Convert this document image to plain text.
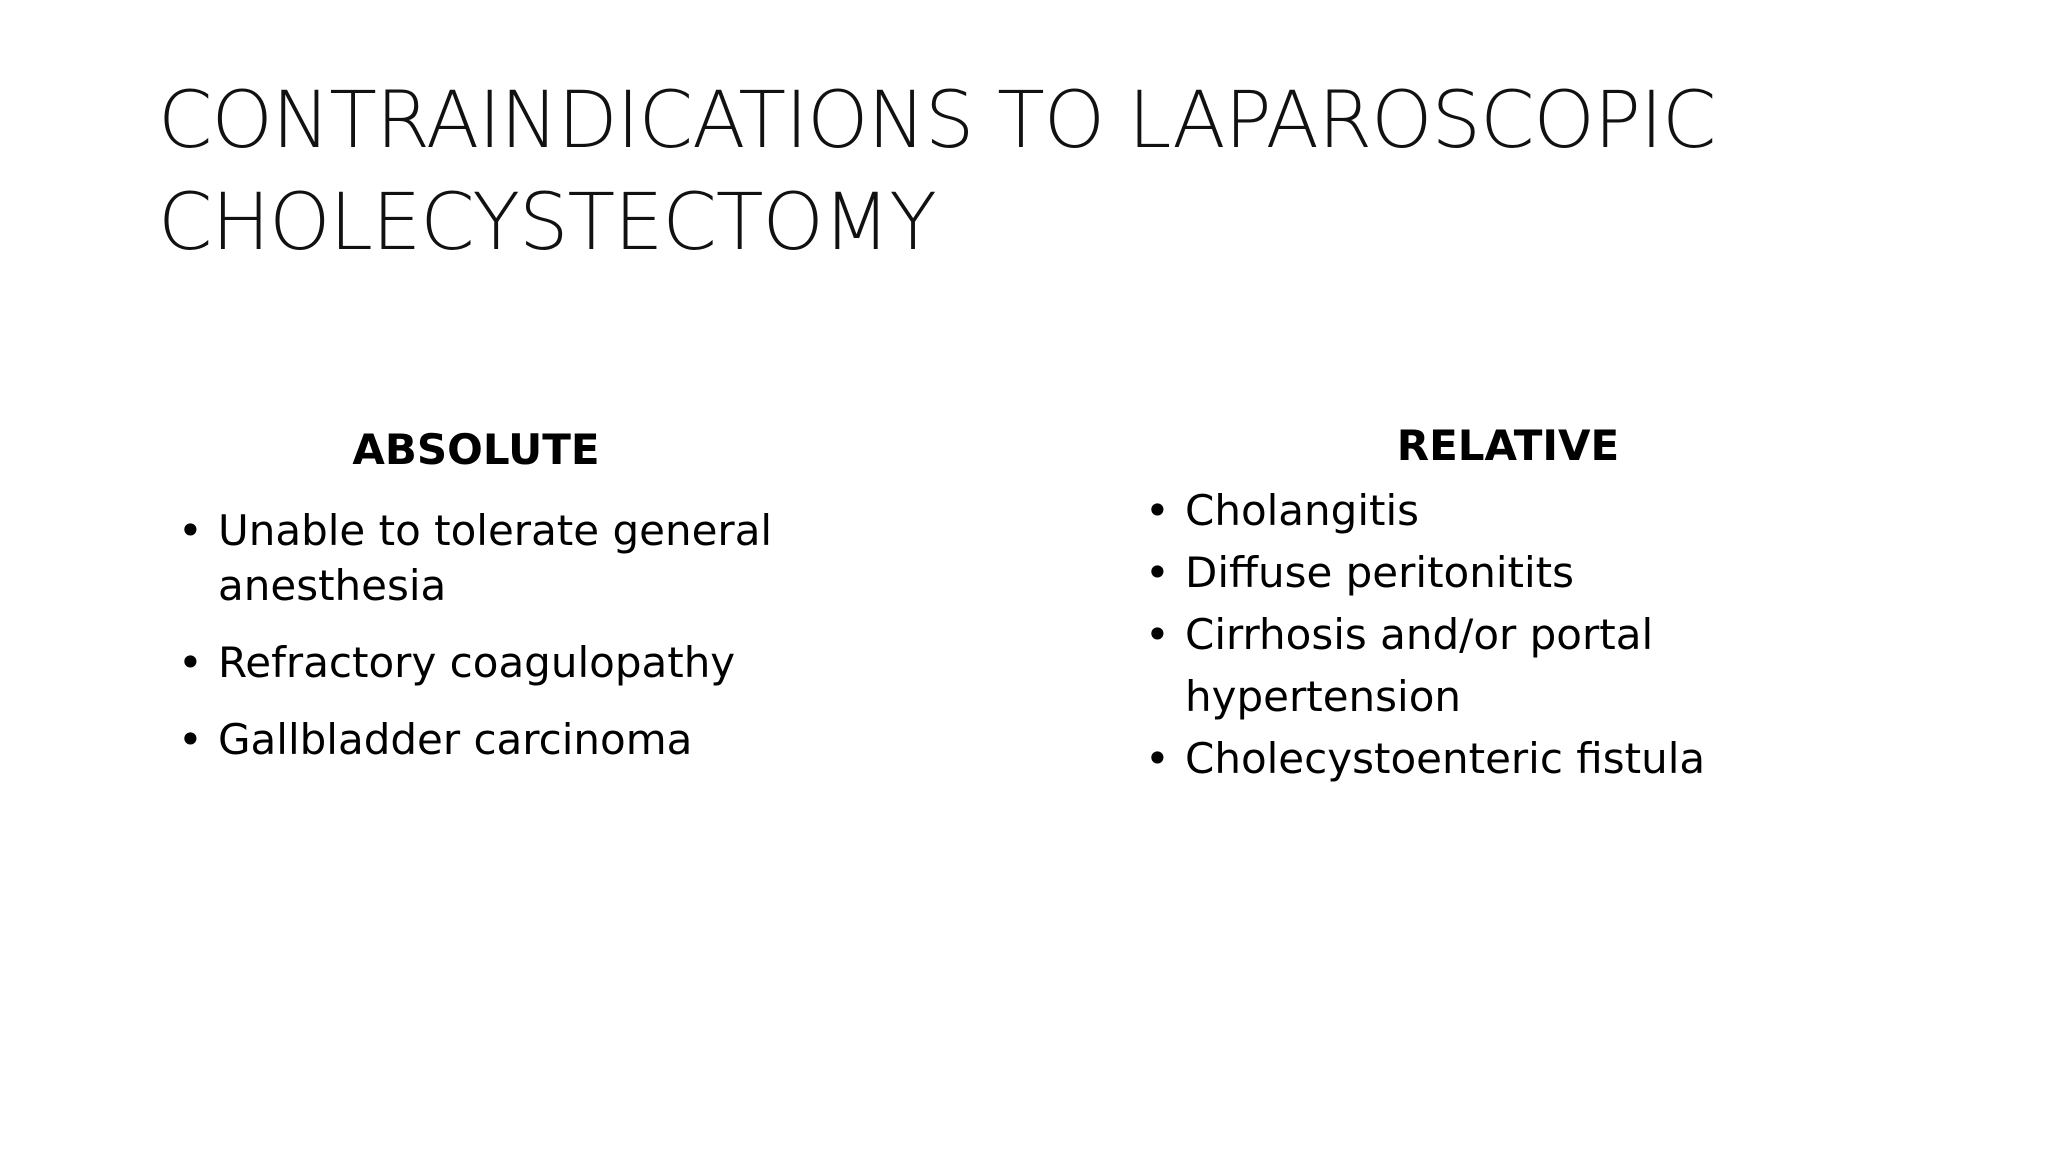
CONTRAINDICATIONS TO LAPAROSCOPIC
CHOLECYSTECTOMY
ABSOLUTE
• Unable to tolerate general anesthesia
• Refractory coagulopathy
• Gallbladder carcinoma
RELATIVE
• Cholangitis
• Diffuse peritonitits
• Cirrhosis and/or portal hypertension
• Cholecystoenteric fistula
